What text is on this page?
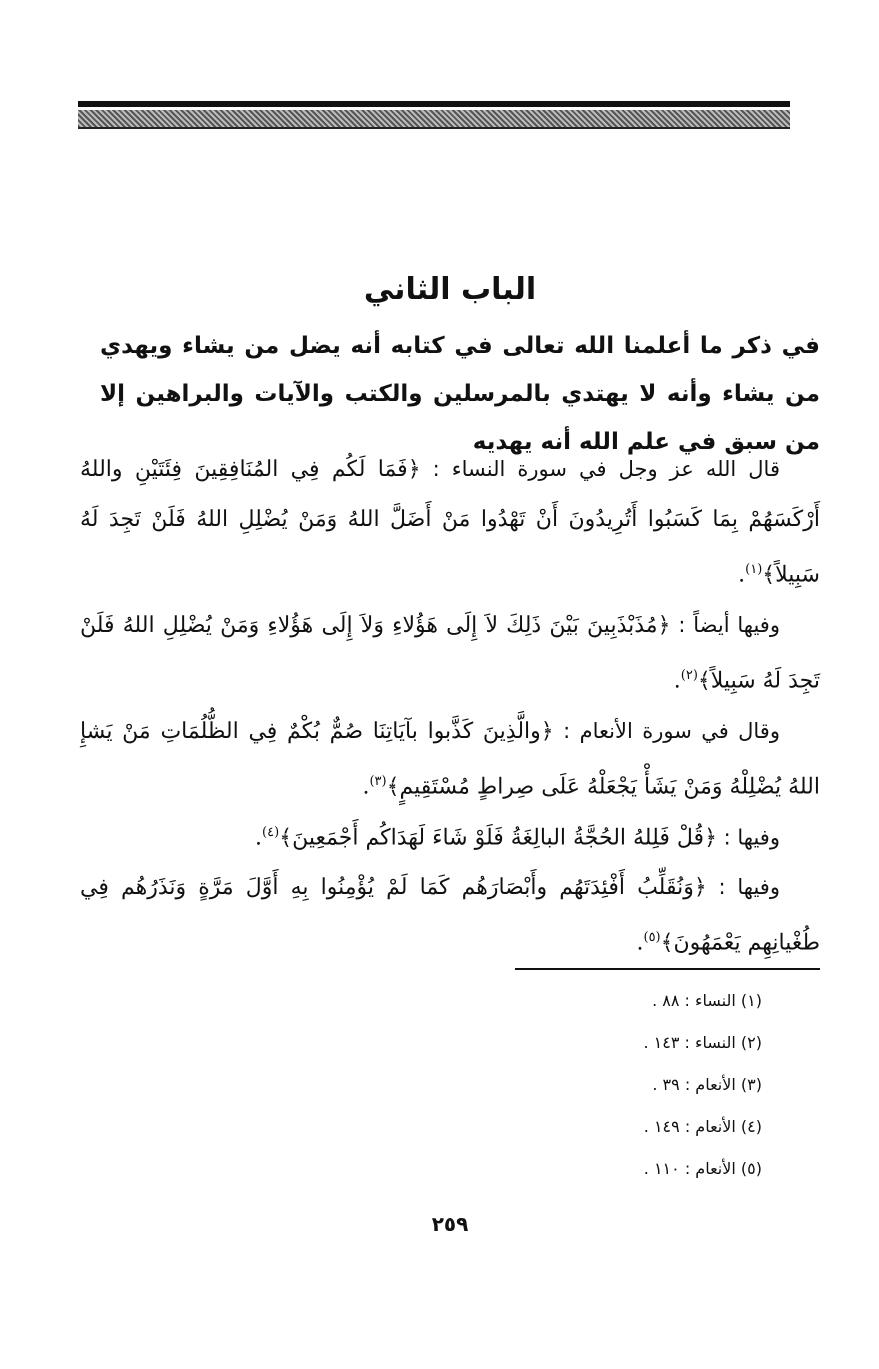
الباب الثاني
في ذكر ما أعلمنا الله تعالى في كتابه أنه يضل من يشاء ويهدي من يشاء وأنه لا يهتدي بالمرسلين والكتب والآيات والبراهين إلا من سبق في علم الله أنه يهديه

قال الله عز وجل في سورة النساء :﴿فَمَا لَكُم فِي المُنَافِقِينَ فِئَتَيْنِ واللهُ أَرْكَسَهُمْ بِمَا كَسَبُوا أَتُرِيدُونَ أَنْ تَهْدُوا مَنْ أَضَلَّ اللهُ وَمَنْ يُضْلِلِ اللهُ فَلَنْ تَجِدَ لَهُ سَبِيلاً﴾$^{(١)}$.

وفيها أيضاً :﴿مُذَبْذَبِينَ بَيْنَ ذَلِكَ لاَ إِلَى هَؤُلاءِ وَلاَ إِلَى هَؤُلاءِ وَمَنْ يُضْلِلِ اللهُ فَلَنْ تَجِدَ لَهُ سَبِيلاً﴾$^{(٢)}$.

وقال في سورة الأنعام :﴿والَّذِينَ كَذَّبوا بآيَاتِنَا صُمٌّ بُكْمٌ فِي الظُّلُمَاتِ مَنْ يَشإِ اللهُ يُضْلِلْهُ وَمَنْ يَشَأْ يَجْعَلْهُ عَلَى صِراطٍ مُسْتَقِيمٍ﴾$^{(٣)}$.

وفيها :﴿قُلْ فَلِلهُ الحُجَّةُ البالِغَةُ فَلَوْ شَاءَ لَهَدَاكُم أَجْمَعِينَ﴾$^{(٤)}$.

وفيها :﴿وَنُقَلِّبُ أَفْئِدَتَهُم وأَبْصَارَهُم كَمَا لَمْ يُؤْمِنُوا بِهِ أَوَّلَ مَرَّةٍ وَنَذَرُهُم فِي طُغْيانِهِم يَعْمَهُونَ﴾$^{(٥)}$.

(١) النساء : ٨٨ .
(٢) النساء : ١٤٣ .
(٣) الأنعام : ٣٩ .
(٤) الأنعام : ١٤٩ .
(٥) الأنعام : ١١٠ .
٢٥٩
